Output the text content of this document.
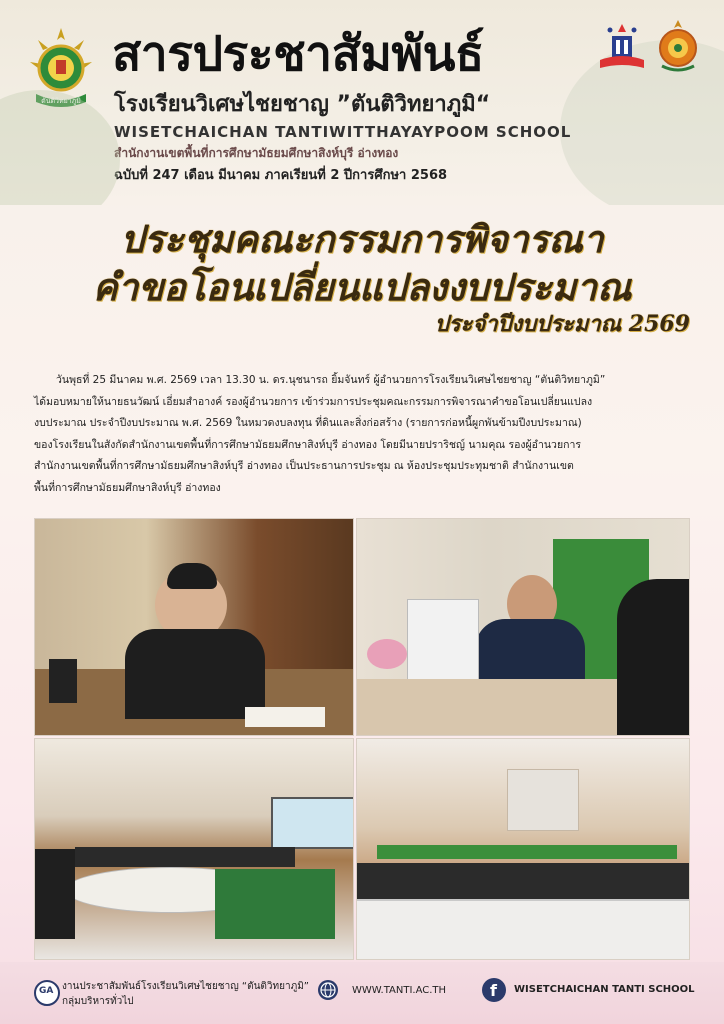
ตันติวิทยาภูมิ
สารประชาสัมพันธ์
โรงเรียนวิเศษไชยชาญ ”ตันติวิทยาภูมิ“
WISETCHAICHAN TANTIWITTHAYAYPOOM SCHOOL
สำนักงานเขตพื้นที่การศึกษามัธยมศึกษาสิงห์บุรี อ่างทอง
ฉบับที่ 247 เดือน มีนาคม ภาคเรียนที่ 2 ปีการศึกษา 2568
ประชุมคณะกรรมการพิจารณา
คำขอโอนเปลี่ยนแปลงงบประมาณ
ประจำปีงบประมาณ 2569
วันพุธที่ 25 มีนาคม พ.ศ. 2569 เวลา 13.30 น. ดร.นุชนารถ ยิ้มจันทร์ ผู้อำนวยการโรงเรียนวิเศษไชยชาญ “ตันติวิทยาภูมิ”
ได้มอบหมายให้นายธนวัฒน์ เอี่ยมสำอางค์ รองผู้อำนวยการ เข้าร่วมการประชุมคณะกรรมการพิจารณาคำขอโอนเปลี่ยนแปลง
งบประมาณ ประจำปีงบประมาณ พ.ศ. 2569 ในหมวดงบลงทุน ที่ดินและสิ่งก่อสร้าง (รายการก่อหนี้ผูกพันข้ามปีงบประมาณ)
ของโรงเรียนในสังกัดสำนักงานเขตพื้นที่การศึกษามัธยมศึกษาสิงห์บุรี อ่างทอง โดยมีนายปราริชญ์ นามคุณ รองผู้อำนวยการ
สำนักงานเขตพื้นที่การศึกษามัธยมศึกษาสิงห์บุรี อ่างทอง เป็นประธานการประชุม ณ ห้องประชุมประทุมชาติ สำนักงานเขต
พื้นที่การศึกษามัธยมศึกษาสิงห์บุรี อ่างทอง
GA งานประชาสัมพันธ์โรงเรียนวิเศษไชยชาญ “ตันติวิทยาภูมิ”
กลุ่มบริหารทั่วไป
WWW.TANTI.AC.TH	f WISETCHAICHAN TANTI SCHOOL
